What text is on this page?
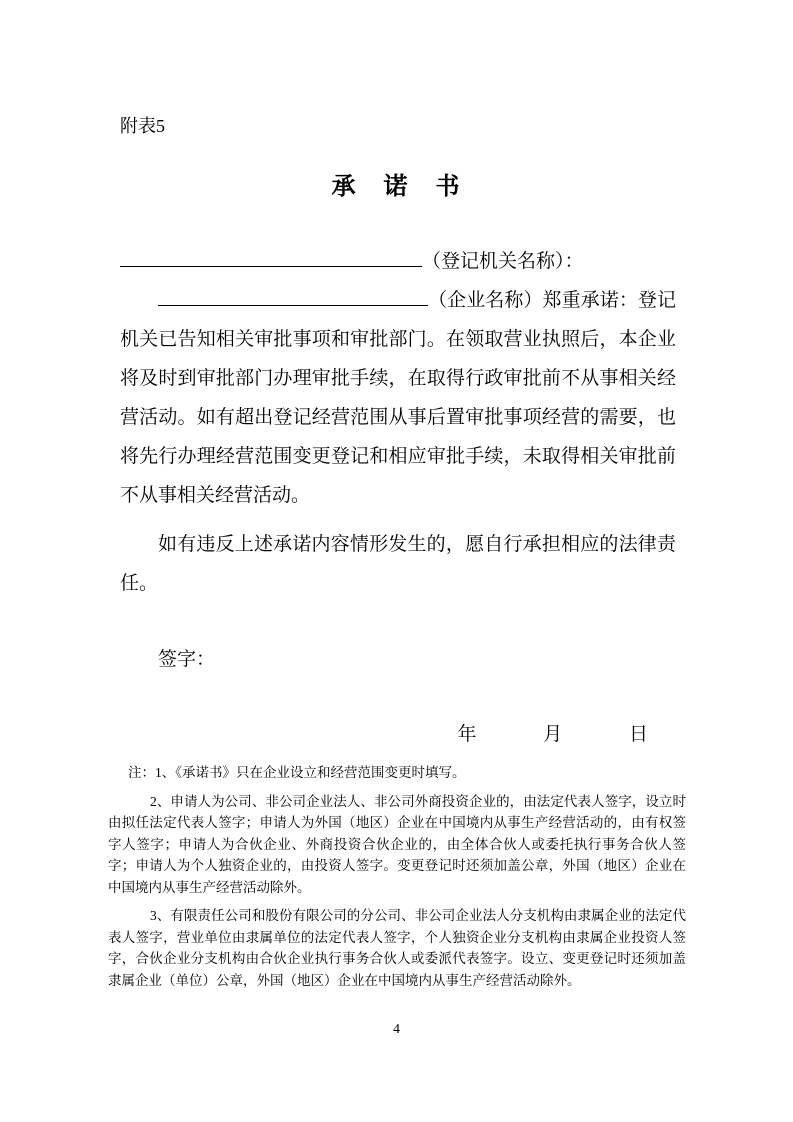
附表5
承　诺　书

（登记机关名称）：

（企业名称）郑重承诺：登记机关已告知相关审批事项和审批部门。在领取营业执照后，本企业将及时到审批部门办理审批手续，在取得行政审批前不从事相关经营活动。如有超出登记经营范围从事后置审批事项经营的需要，也将先行办理经营范围变更登记和相应审批手续，未取得相关审批前不从事相关经营活动。

如有违反上述承诺内容情形发生的，愿自行承担相应的法律责任。

签字：

年	月	日

注：1、《承诺书》只在企业设立和经营范围变更时填写。

2、申请人为公司、非公司企业法人、非公司外商投资企业的，由法定代表人签字，设立时由拟任法定代表人签字；申请人为外国（地区）企业在中国境内从事生产经营活动的，由有权签字人签字；申请人为合伙企业、外商投资合伙企业的，由全体合伙人或委托执行事务合伙人签字；申请人为个人独资企业的，由投资人签字。变更登记时还须加盖公章，外国（地区）企业在中国境内从事生产经营活动除外。

3、有限责任公司和股份有限公司的分公司、非公司企业法人分支机构由隶属企业的法定代表人签字，营业单位由隶属单位的法定代表人签字，个人独资企业分支机构由隶属企业投资人签字，合伙企业分支机构由合伙企业执行事务合伙人或委派代表签字。设立、变更登记时还须加盖隶属企业（单位）公章，外国（地区）企业在中国境内从事生产经营活动除外。

4
